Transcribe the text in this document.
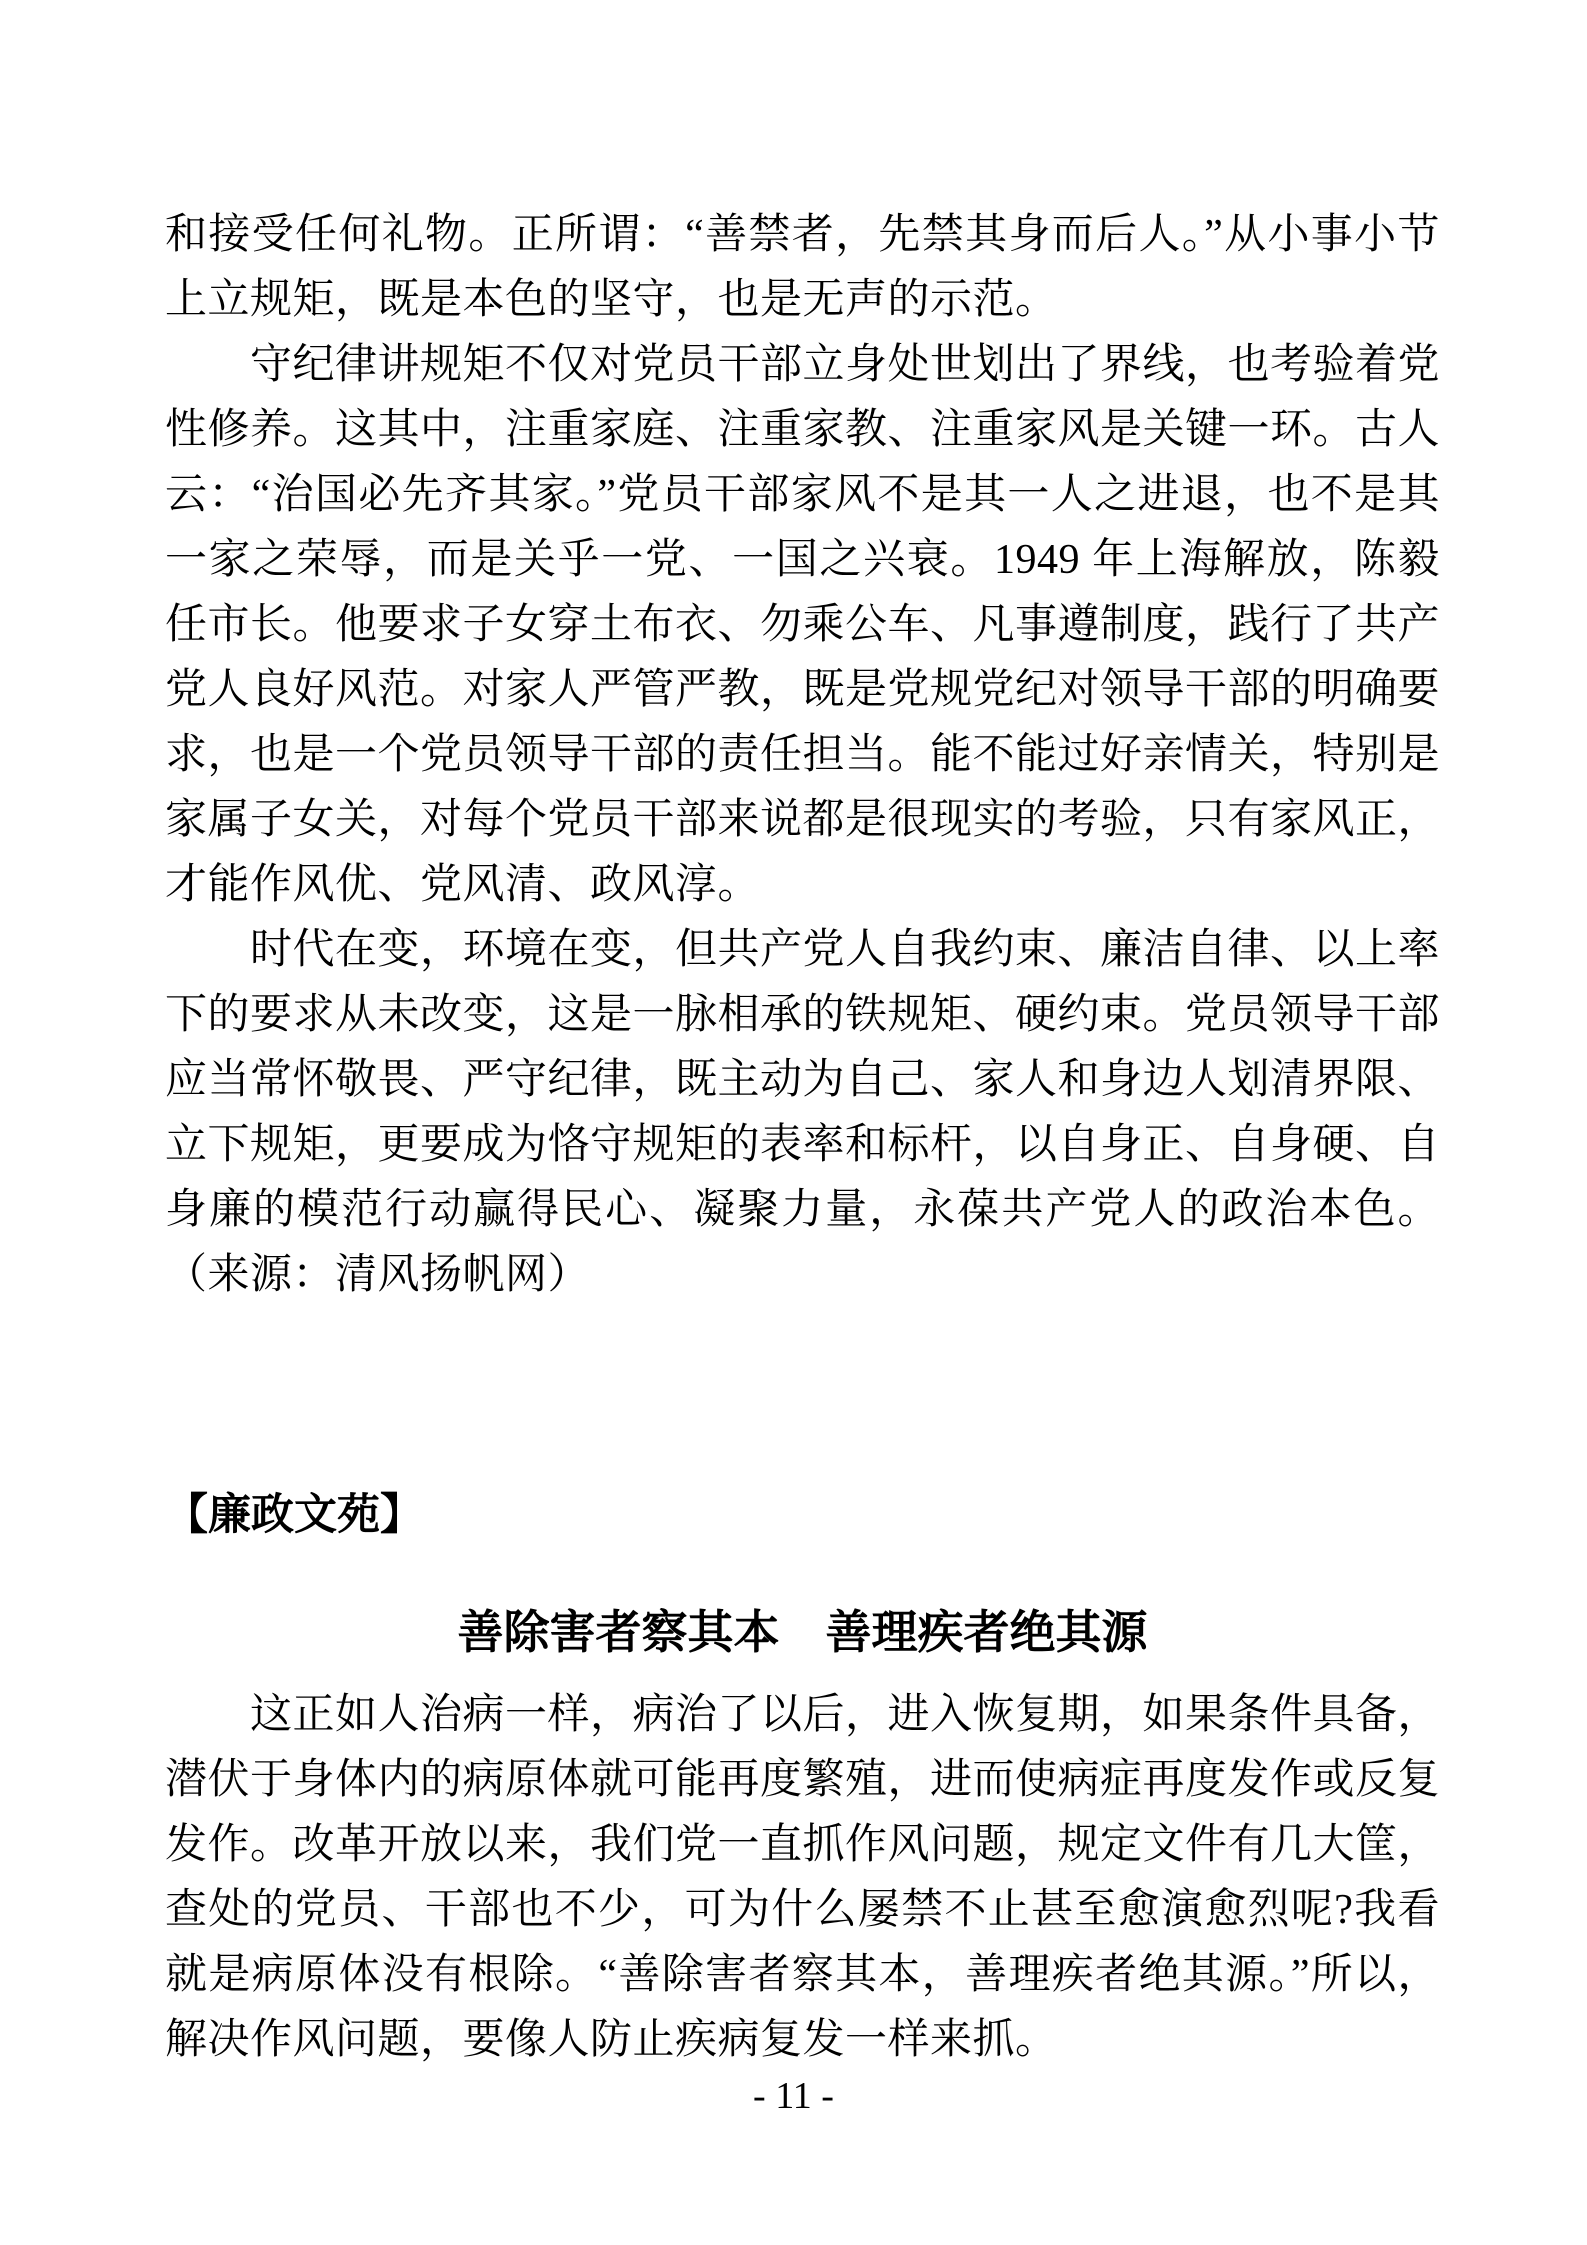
和接受任何礼物。正所谓：“善禁者，先禁其身而后人。”从小事小节上立规矩，既是本色的坚守，也是无声的示范。

守纪律讲规矩不仅对党员干部立身处世划出了界线，也考验着党性修养。这其中，注重家庭、注重家教、注重家风是关键一环。古人云：“治国必先齐其家。”党员干部家风不是其一人之进退，也不是其一家之荣辱，而是关乎一党、一国之兴衰。1949 年上海解放，陈毅任市长。他要求子女穿土布衣、勿乘公车、凡事遵制度，践行了共产党人良好风范。对家人严管严教，既是党规党纪对领导干部的明确要求，也是一个党员领导干部的责任担当。能不能过好亲情关，特别是家属子女关，对每个党员干部来说都是很现实的考验，只有家风正，才能作风优、党风清、政风淳。

时代在变，环境在变，但共产党人自我约束、廉洁自律、以上率下的要求从未改变，这是一脉相承的铁规矩、硬约束。党员领导干部应当常怀敬畏、严守纪律，既主动为自己、家人和身边人划清界限、立下规矩，更要成为恪守规矩的表率和标杆，以自身正、自身硬、自身廉的模范行动赢得民心、凝聚力量，永葆共产党人的政治本色。（来源：清风扬帆网）

【廉政文苑】

善除害者察其本　善理疾者绝其源

这正如人治病一样，病治了以后，进入恢复期，如果条件具备，潜伏于身体内的病原体就可能再度繁殖，进而使病症再度发作或反复发作。改革开放以来，我们党一直抓作风问题，规定文件有几大筐，查处的党员、干部也不少，可为什么屡禁不止甚至愈演愈烈呢?我看就是病原体没有根除。“善除害者察其本，善理疾者绝其源。”所以，解决作风问题，要像人防止疾病复发一样来抓。

- 11 -
